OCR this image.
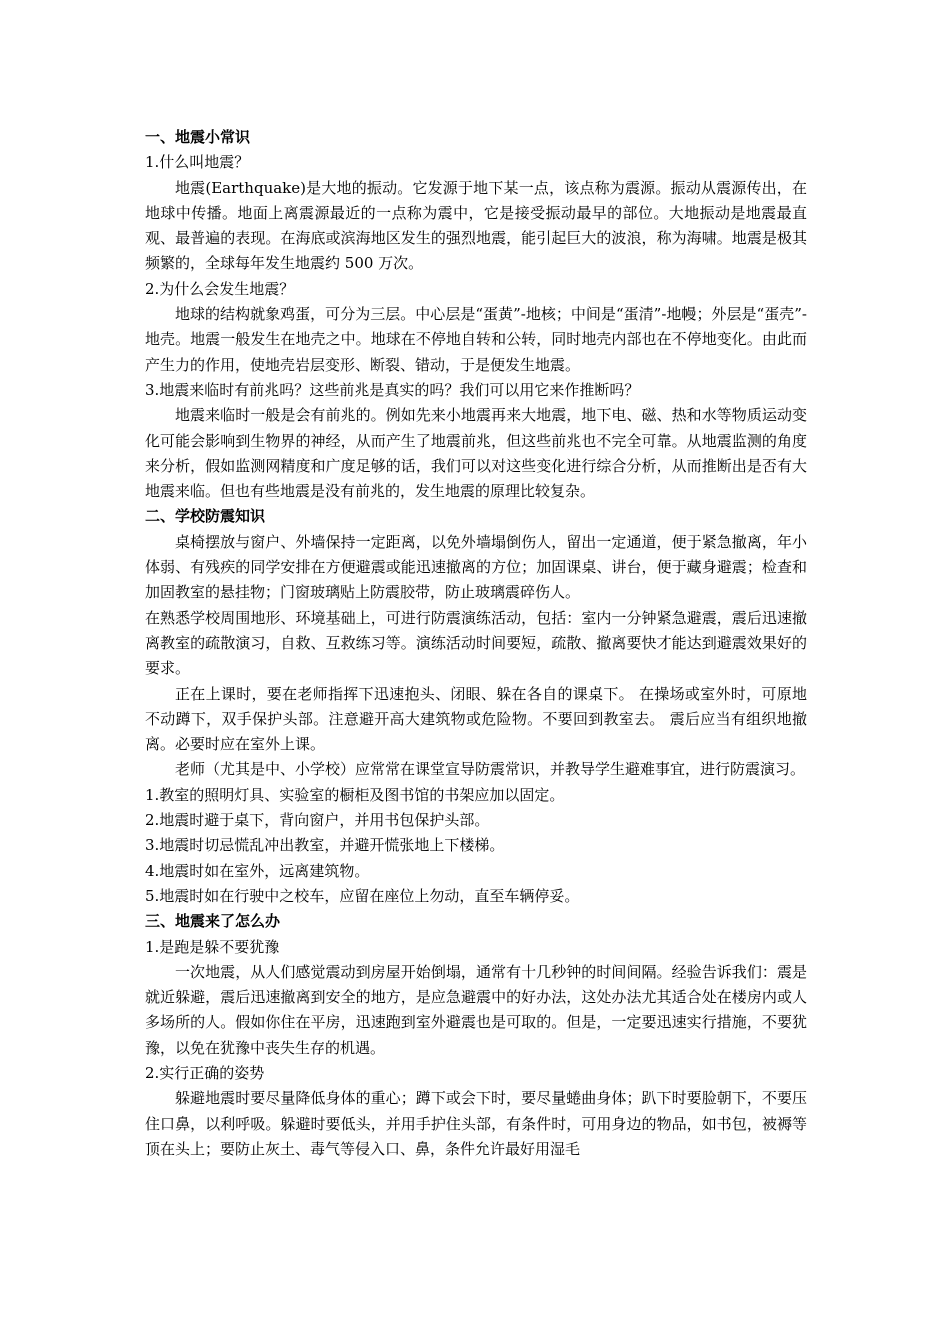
一、地震小常识

1.什么叫地震？

地震(Earthquake)是大地的振动。它发源于地下某一点，该点称为震源。振动从震源传出，在地球中传播。地面上离震源最近的一点称为震中，它是接受振动最早的部位。大地振动是地震最直观、最普遍的表现。在海底或滨海地区发生的强烈地震，能引起巨大的波浪，称为海啸。地震是极其频繁的，全球每年发生地震约 500 万次。

2.为什么会发生地震？

地球的结构就象鸡蛋，可分为三层。中心层是“蛋黄”-地核；中间是“蛋清”-地幔；外层是“蛋壳”-地壳。地震一般发生在地壳之中。地球在不停地自转和公转，同时地壳内部也在不停地变化。由此而产生力的作用，使地壳岩层变形、断裂、错动，于是便发生地震。

3.地震来临时有前兆吗？这些前兆是真实的吗？我们可以用它来作推断吗？

地震来临时一般是会有前兆的。例如先来小地震再来大地震，地下电、磁、热和水等物质运动变化可能会影响到生物界的神经，从而产生了地震前兆，但这些前兆也不完全可靠。从地震监测的角度来分析，假如监测网精度和广度足够的话，我们可以对这些变化进行综合分析，从而推断出是否有大地震来临。但也有些地震是没有前兆的，发生地震的原理比较复杂。

二、学校防震知识

桌椅摆放与窗户、外墙保持一定距离，以免外墙塌倒伤人，留出一定通道，便于紧急撤离，年小体弱、有残疾的同学安排在方便避震或能迅速撤离的方位；加固课桌、讲台，便于藏身避震；检查和加固教室的悬挂物；门窗玻璃贴上防震胶带，防止玻璃震碎伤人。

在熟悉学校周围地形、环境基础上，可进行防震演练活动，包括：室内一分钟紧急避震，震后迅速撤离教室的疏散演习，自救、互救练习等。演练活动时间要短，疏散、撤离要快才能达到避震效果好的要求。

正在上课时，要在老师指挥下迅速抱头、闭眼、躲在各自的课桌下。 在操场或室外时，可原地不动蹲下，双手保护头部。注意避开高大建筑物或危险物。不要回到教室去。 震后应当有组织地撤离。必要时应在室外上课。

老师（尤其是中、小学校）应常常在课堂宣导防震常识，并教导学生避难事宜，进行防震演习。

1.教室的照明灯具、实验室的橱柜及图书馆的书架应加以固定。

2.地震时避于桌下，背向窗户，并用书包保护头部。

3.地震时切忌慌乱冲出教室，并避开慌张地上下楼梯。

4.地震时如在室外，远离建筑物。

5.地震时如在行驶中之校车，应留在座位上勿动，直至车辆停妥。

三、地震来了怎么办

1.是跑是躲不要犹豫

一次地震，从人们感觉震动到房屋开始倒塌，通常有十几秒钟的时间间隔。经验告诉我们：震是就近躲避，震后迅速撤离到安全的地方，是应急避震中的好办法，这处办法尤其适合处在楼房内或人多场所的人。假如你住在平房，迅速跑到室外避震也是可取的。但是，一定要迅速实行措施，不要犹豫，以免在犹豫中丧失生存的机遇。

2.实行正确的姿势

躲避地震时要尽量降低身体的重心；蹲下或会下时，要尽量蜷曲身体；趴下时要脸朝下，不要压住口鼻，以利呼吸。躲避时要低头，并用手护住头部，有条件时，可用身边的物品，如书包，被褥等顶在头上；要防止灰土、毒气等侵入口、鼻，条件允许最好用湿毛
